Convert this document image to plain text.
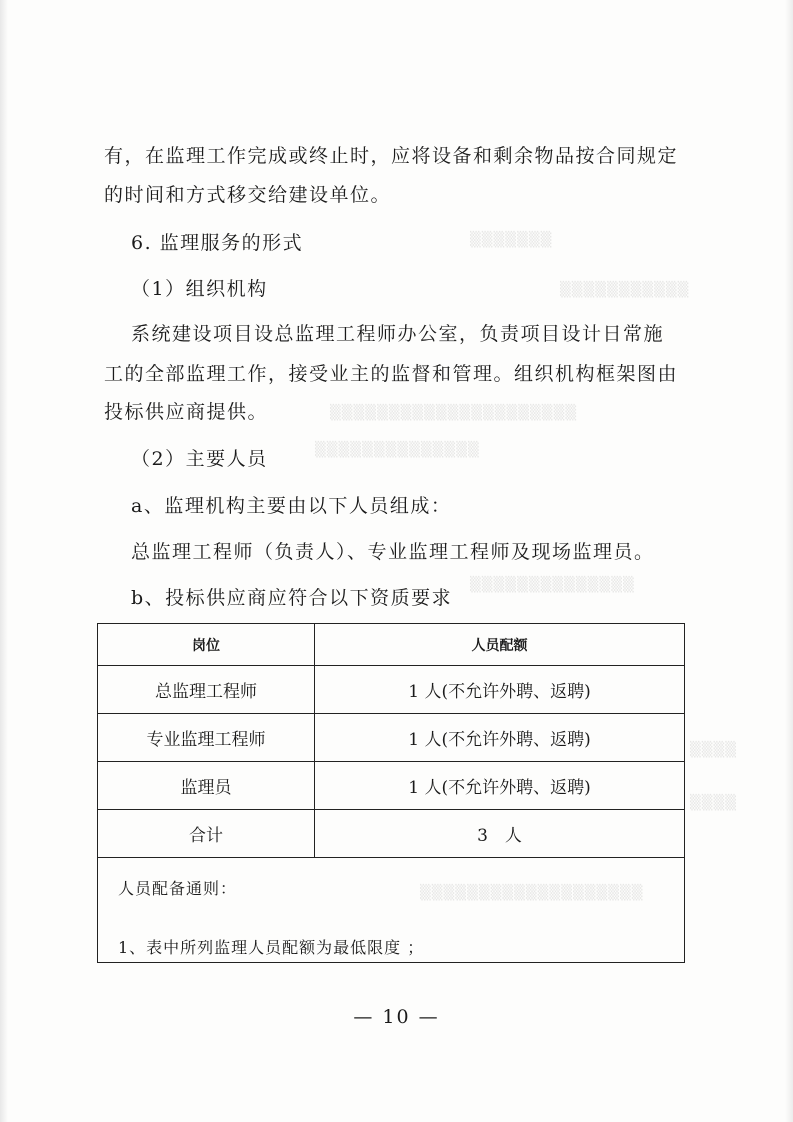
▒▒▒▒▒▒▒
▒▒▒▒▒▒▒▒▒▒▒
▒▒▒▒▒▒▒▒▒▒▒▒▒▒▒▒▒▒▒▒▒
▒▒▒▒▒▒▒▒▒▒▒▒▒▒
▒▒▒▒▒▒▒▒▒▒▒▒▒▒
▒▒▒▒
▒▒▒▒
▒▒▒▒▒▒▒▒▒▒▒▒▒▒▒▒▒▒▒
有，在监理工作完成或终止时，应将设备和剩余物品按合同规定
的时间和方式移交给建设单位。
6. 监理服务的形式
（1）组织机构
系统建设项目设总监理工程师办公室，负责项目设计日常施
工的全部监理工作，接受业主的监督和管理。组织机构框架图由
投标供应商提供。
（2）主要人员
a、监理机构主要由以下人员组成：
总监理工程师（负责人）、专业监理工程师及现场监理员。
b、投标供应商应符合以下资质要求
岗位	人员配额
总监理工程师	1 人(不允许外聘、返聘)
专业监理工程师	1 人(不允许外聘、返聘)
监理员	1 人(不允许外聘、返聘)
合计	3　人
人员配备通则：
1、表中所列监理人员配额为最低限度 ；
— 10 —
